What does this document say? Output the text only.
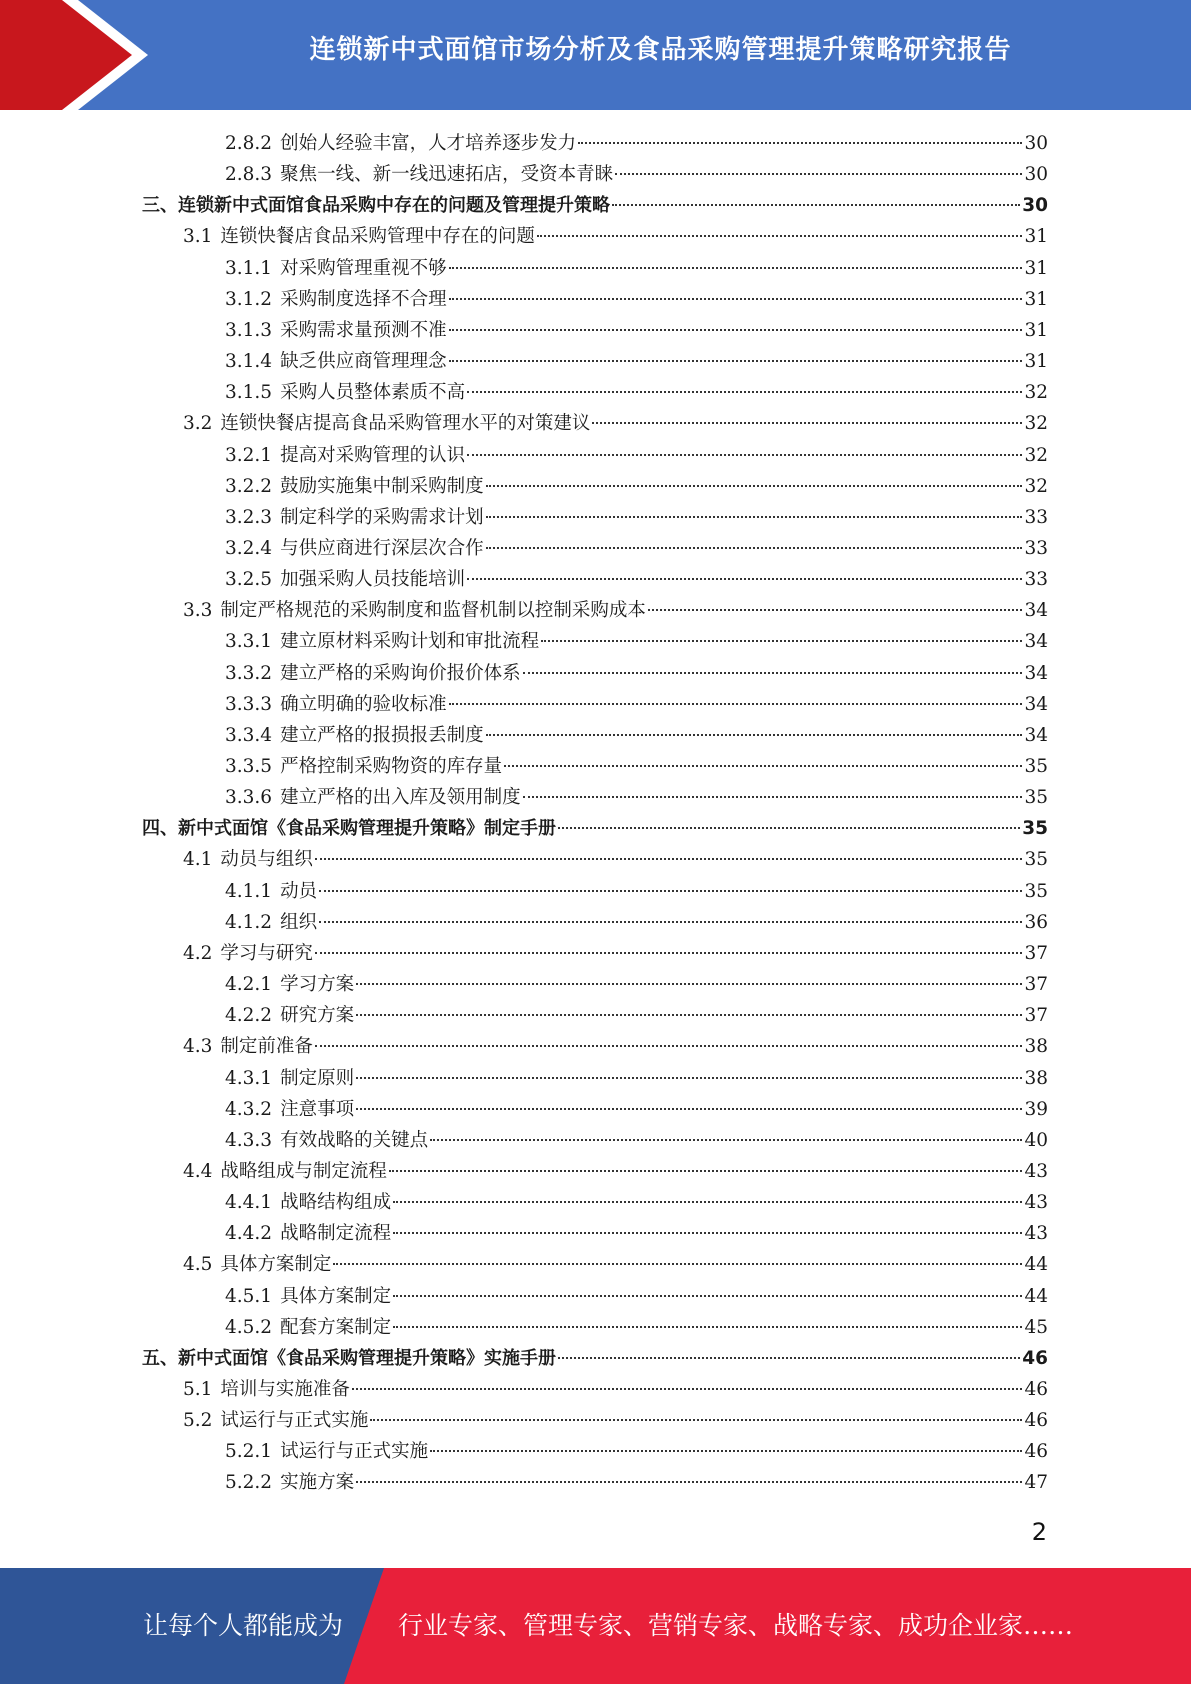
连锁新中式面馆市场分析及食品采购管理提升策略研究报告
2.8.2 创始人经验丰富，人才培养逐步发力	30
2.8.3 聚焦一线、新一线迅速拓店，受资本青睐	30
三、连锁新中式面馆食品采购中存在的问题及管理提升策略	30
3.1 连锁快餐店食品采购管理中存在的问题	31
3.1.1 对采购管理重视不够	31
3.1.2 采购制度选择不合理	31
3.1.3 采购需求量预测不准	31
3.1.4 缺乏供应商管理理念	31
3.1.5 采购人员整体素质不高	32
3.2 连锁快餐店提高食品采购管理水平的对策建议	32
3.2.1 提高对采购管理的认识	32
3.2.2 鼓励实施集中制采购制度	32
3.2.3 制定科学的采购需求计划	33
3.2.4 与供应商进行深层次合作	33
3.2.5 加强采购人员技能培训	33
3.3 制定严格规范的采购制度和监督机制以控制采购成本	34
3.3.1 建立原材料采购计划和审批流程	34
3.3.2 建立严格的采购询价报价体系	34
3.3.3 确立明确的验收标准	34
3.3.4 建立严格的报损报丢制度	34
3.3.5 严格控制采购物资的库存量	35
3.3.6 建立严格的出入库及领用制度	35
四、新中式面馆《食品采购管理提升策略》制定手册	35
4.1 动员与组织	35
4.1.1 动员	35
4.1.2 组织	36
4.2 学习与研究	37
4.2.1 学习方案	37
4.2.2 研究方案	37
4.3 制定前准备	38
4.3.1 制定原则	38
4.3.2 注意事项	39
4.3.3 有效战略的关键点	40
4.4 战略组成与制定流程	43
4.4.1 战略结构组成	43
4.4.2 战略制定流程	43
4.5 具体方案制定	44
4.5.1 具体方案制定	44
4.5.2 配套方案制定	45
五、新中式面馆《食品采购管理提升策略》实施手册	46
5.1 培训与实施准备	46
5.2 试运行与正式实施	46
5.2.1 试运行与正式实施	46
5.2.2 实施方案	47
2
让每个人都能成为 行业专家、管理专家、营销专家、战略专家、成功企业家……
